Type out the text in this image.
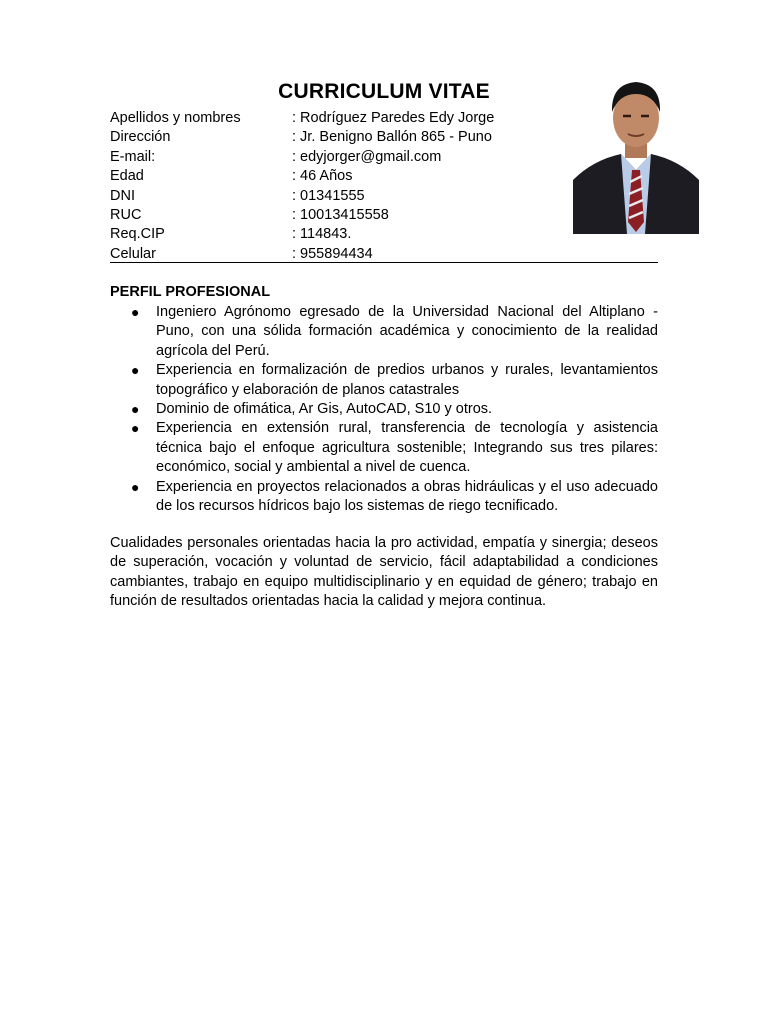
CURRICULUM VITAE
Apellidos y nombres	: Rodríguez Paredes Edy Jorge
Dirección	: Jr. Benigno Ballón 865 - Puno
E-mail:	: edyjorger@gmail.com
Edad	: 46 Años
DNI	: 01341555
RUC	: 10013415558
Req.CIP	: 114843.
Celular	: 955894434
PERFIL PROFESIONAL
● Ingeniero Agrónomo egresado de la Universidad Nacional del Altiplano - Puno, con una sólida formación académica y conocimiento de la realidad agrícola del Perú.
● Experiencia en formalización de predios urbanos y rurales, levantamientos topográfico y elaboración de planos catastrales
● Dominio de ofimática, Ar Gis, AutoCAD, S10 y otros.
● Experiencia en extensión rural, transferencia de tecnología y asistencia técnica bajo el enfoque agricultura sostenible; Integrando sus tres pilares: económico, social y ambiental a nivel de cuenca.
● Experiencia en proyectos relacionados a obras hidráulicas y el uso adecuado de los recursos hídricos bajo los sistemas de riego tecnificado.
Cualidades personales orientadas hacia la pro actividad, empatía y sinergia; deseos de superación, vocación y voluntad de servicio, fácil adaptabilidad a condiciones cambiantes, trabajo en equipo multidisciplinario y en equidad de género; trabajo en función de resultados orientadas hacia la calidad y mejora continua.
